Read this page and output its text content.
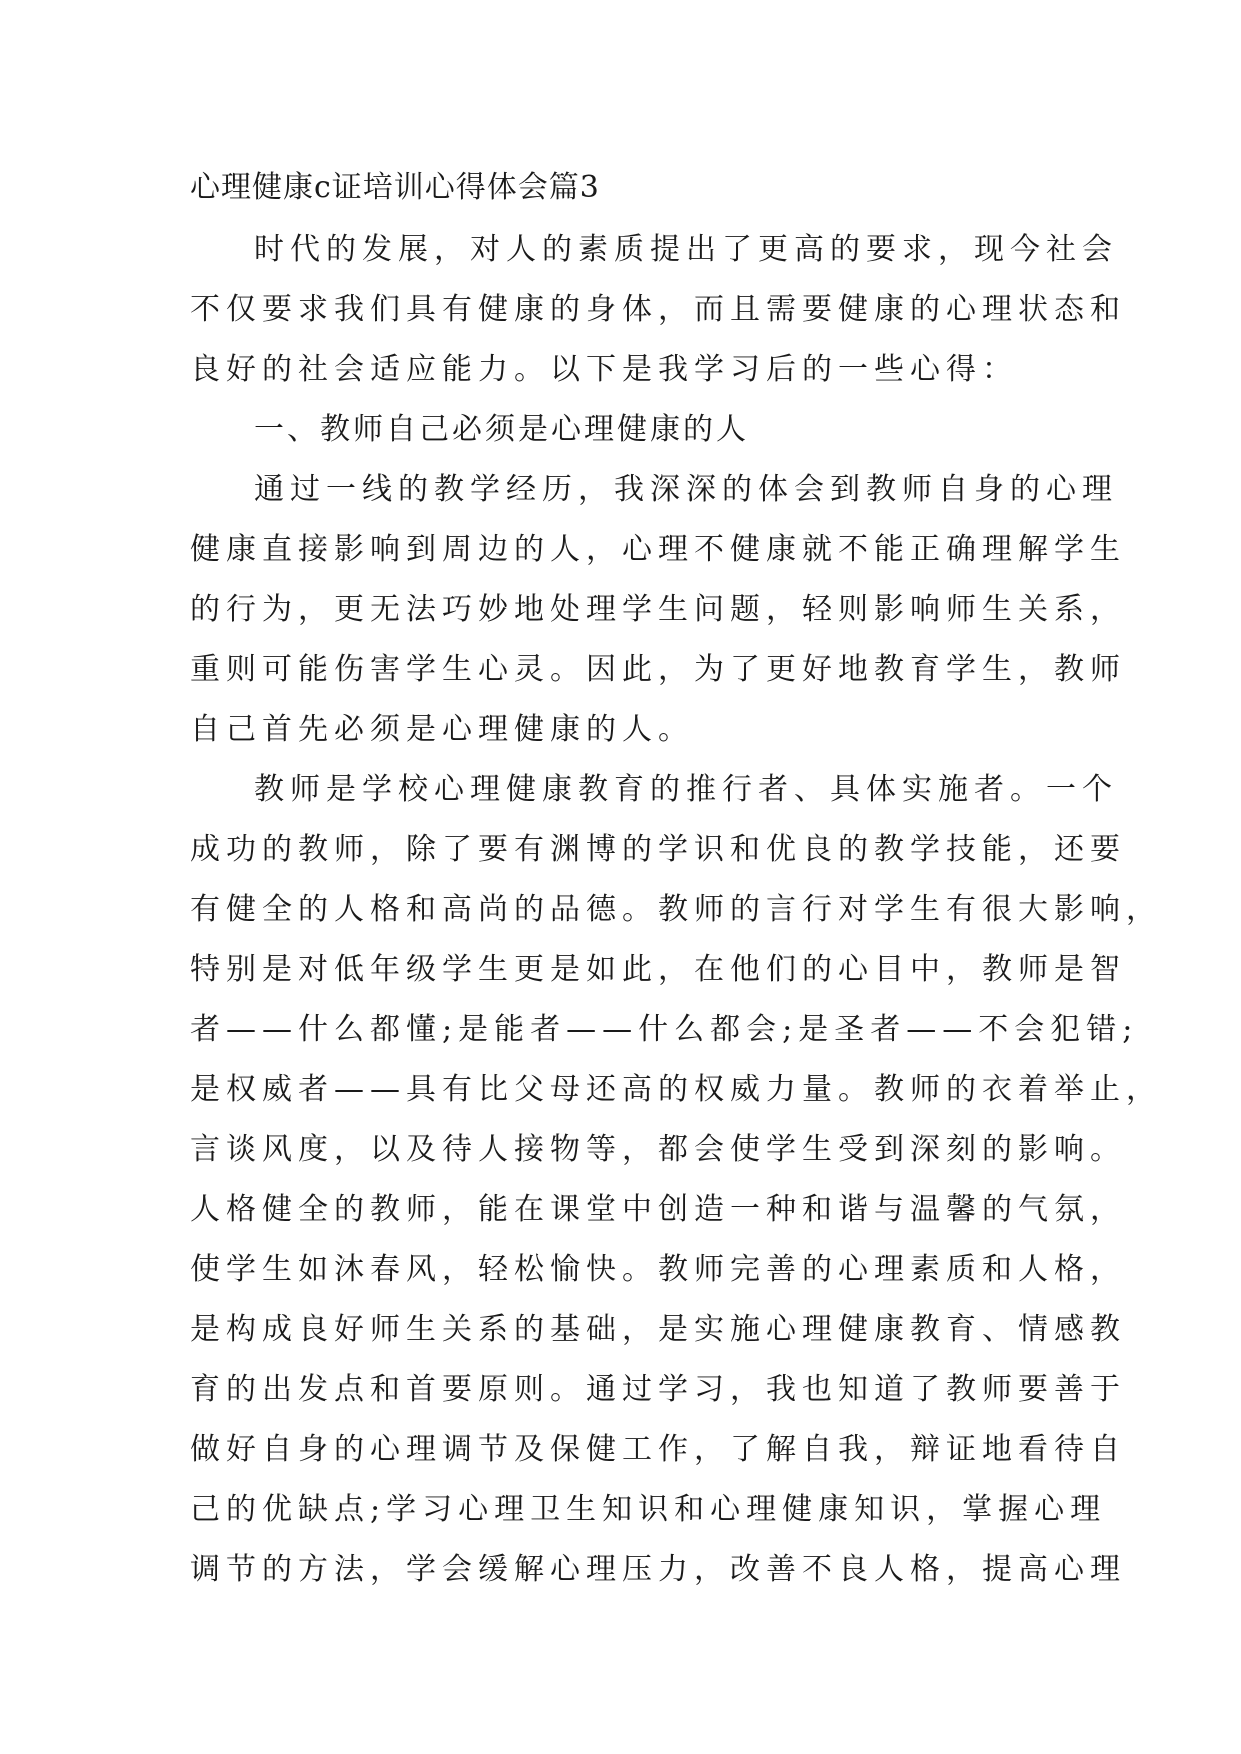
心理健康c证培训心得体会篇3

时代的发展，对人的素质提出了更高的要求，现今社会

不仅要求我们具有健康的身体，而且需要健康的心理状态和

良好的社会适应能力。以下是我学习后的一些心得：

一、教师自己必须是心理健康的人

通过一线的教学经历，我深深的体会到教师自身的心理

健康直接影响到周边的人，心理不健康就不能正确理解学生

的行为，更无法巧妙地处理学生问题，轻则影响师生关系，

重则可能伤害学生心灵。因此，为了更好地教育学生，教师

自己首先必须是心理健康的人。

教师是学校心理健康教育的推行者、具体实施者。一个

成功的教师，除了要有渊博的学识和优良的教学技能，还要

有健全的人格和高尚的品德。教师的言行对学生有很大影响，

特别是对低年级学生更是如此，在他们的心目中，教师是智

者——什么都懂;是能者——什么都会;是圣者——不会犯错;

是权威者——具有比父母还高的权威力量。教师的衣着举止，

言谈风度，以及待人接物等，都会使学生受到深刻的影响。

人格健全的教师，能在课堂中创造一种和谐与温馨的气氛，

使学生如沐春风，轻松愉快。教师完善的心理素质和人格，

是构成良好师生关系的基础，是实施心理健康教育、情感教

育的出发点和首要原则。通过学习，我也知道了教师要善于

做好自身的心理调节及保健工作，了解自我，辩证地看待自

己的优缺点;学习心理卫生知识和心理健康知识，掌握心理

调节的方法，学会缓解心理压力，改善不良人格，提高心理
